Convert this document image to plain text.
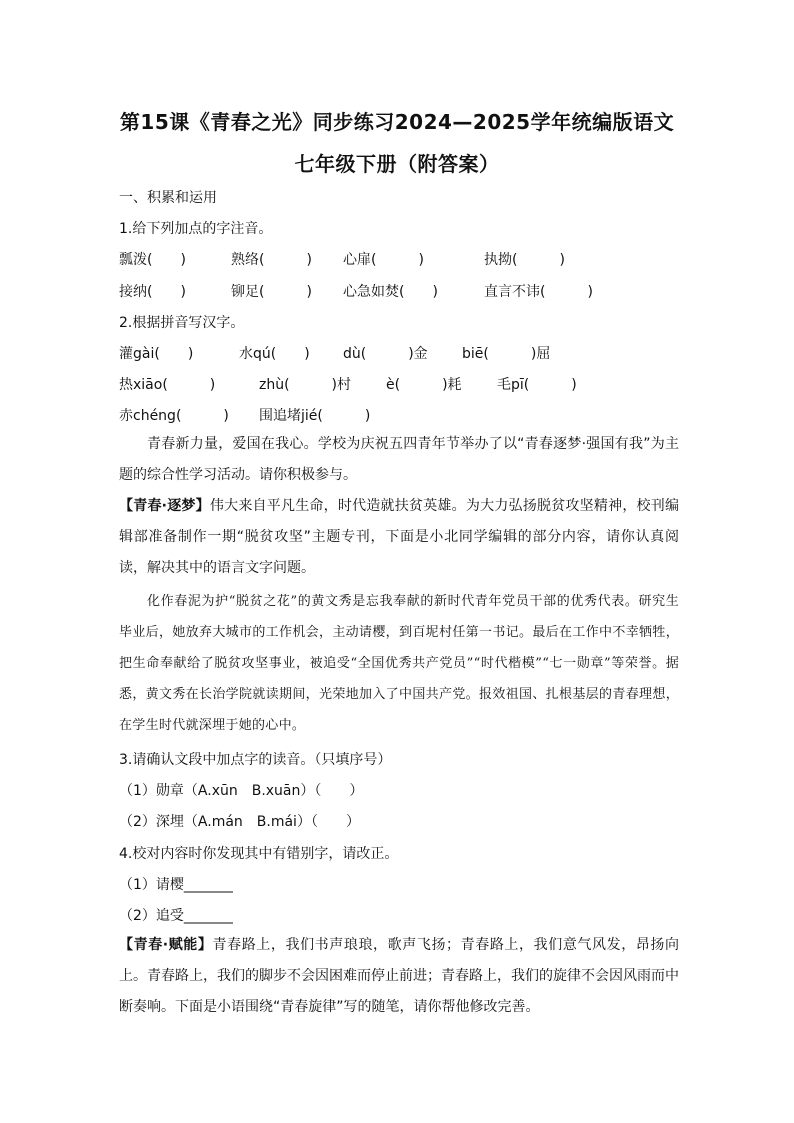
第15课《青春之光》同步练习2024—2025学年统编版语文
七年级下册（附答案）
一、积累和运用
1.给下列加点的字注音。
瓢泼(　　)	熟络(　　　) 心扉(　　　)	执拗(　　　)
接纳(　　)	铆足(　　　) 心急如焚(　　)	直言不讳(　　　)
2.根据拼音写汉字。
灌gài(　　)	水qú(　　) dù(　　　)金 biē(　　　)屈
热xiāo(　　　)	zhù(　　　)村 è(　　　)耗	毛pī(　　　)
赤chéng(　　　) 围追堵jié(　　　)
青春新力量，爱国在我心。学校为庆祝五四青年节举办了以“青春逐梦·强国有我”为主题的综合性学习活动。请你积极参与。
【青春·逐梦】伟大来自平凡生命，时代造就扶贫英雄。为大力弘扬脱贫攻坚精神，校刊编辑部准备制作一期“脱贫攻坚”主题专刊，下面是小北同学编辑的部分内容，请你认真阅读，解决其中的语言文字问题。
化作春泥为护“脱贫之花”的黄文秀是忘我奉献的新时代青年党员干部的优秀代表。研究生毕业后，她放弃大城市的工作机会，主动请樱，到百坭村任第一书记。最后在工作中不幸牺牲，把生命奉献给了脱贫攻坚事业，被追受“全国优秀共产党员”“时代楷模”“七一勋章”等荣誉。据悉，黄文秀在长治学院就读期间，光荣地加入了中国共产党。报效祖国、扎根基层的青春理想，在学生时代就深埋于她的心中。
3.请确认文段中加点字的读音。（只填序号）
（1）勋章（A.xūn　B.xuān）（　　）
（2）深埋（A.mán　B.mái）（　　）
4.校对内容时你发现其中有错别字，请改正。
（1）请樱_______
（2）追受_______
【青春·赋能】青春路上，我们书声琅琅，歌声飞扬；青春路上，我们意气风发，昂扬向上。青春路上，我们的脚步不会因困难而停止前进；青春路上，我们的旋律不会因风雨而中断奏响。下面是小语围绕“青春旋律”写的随笔，请你帮他修改完善。
